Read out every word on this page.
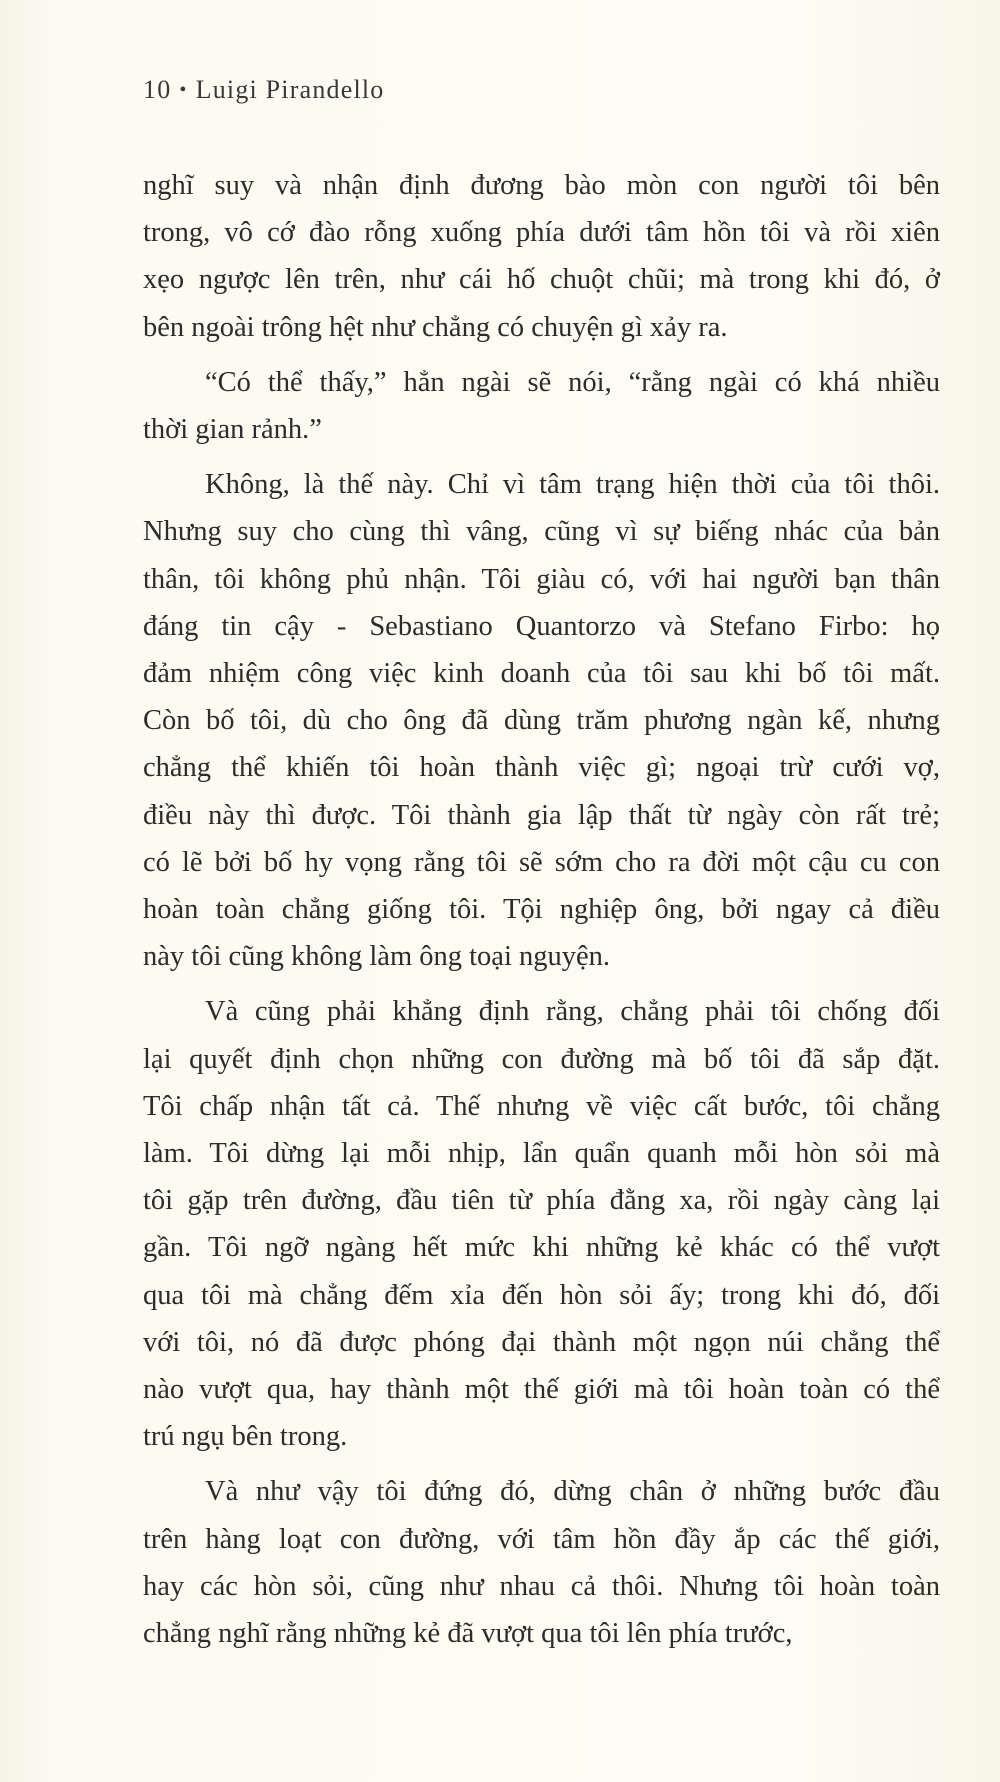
10 • Luigi Pirandello
nghĩ suy và nhận định đương bào mòn con người tôi bên
trong, vô cớ đào rỗng xuống phía dưới tâm hồn tôi và rồi xiên
xẹo ngược lên trên, như cái hố chuột chũi; mà trong khi đó, ở
bên ngoài trông hệt như chẳng có chuyện gì xảy ra.
“Có thể thấy,” hẳn ngài sẽ nói, “rằng ngài có khá nhiều
thời gian rảnh.”
Không, là thế này. Chỉ vì tâm trạng hiện thời của tôi thôi.
Nhưng suy cho cùng thì vâng, cũng vì sự biếng nhác của bản
thân, tôi không phủ nhận. Tôi giàu có, với hai người bạn thân
đáng tin cậy - Sebastiano Quantorzo và Stefano Firbo: họ
đảm nhiệm công việc kinh doanh của tôi sau khi bố tôi mất.
Còn bố tôi, dù cho ông đã dùng trăm phương ngàn kế, nhưng
chẳng thể khiến tôi hoàn thành việc gì; ngoại trừ cưới vợ,
điều này thì được. Tôi thành gia lập thất từ ngày còn rất trẻ;
có lẽ bởi bố hy vọng rằng tôi sẽ sớm cho ra đời một cậu cu con
hoàn toàn chẳng giống tôi. Tội nghiệp ông, bởi ngay cả điều
này tôi cũng không làm ông toại nguyện.
Và cũng phải khẳng định rằng, chẳng phải tôi chống đối
lại quyết định chọn những con đường mà bố tôi đã sắp đặt.
Tôi chấp nhận tất cả. Thế nhưng về việc cất bước, tôi chẳng
làm. Tôi dừng lại mỗi nhịp, lẩn quẩn quanh mỗi hòn sỏi mà
tôi gặp trên đường, đầu tiên từ phía đằng xa, rồi ngày càng lại
gần. Tôi ngỡ ngàng hết mức khi những kẻ khác có thể vượt
qua tôi mà chẳng đếm xỉa đến hòn sỏi ấy; trong khi đó, đối
với tôi, nó đã được phóng đại thành một ngọn núi chẳng thể
nào vượt qua, hay thành một thế giới mà tôi hoàn toàn có thể
trú ngụ bên trong.
Và như vậy tôi đứng đó, dừng chân ở những bước đầu
trên hàng loạt con đường, với tâm hồn đầy ắp các thế giới,
hay các hòn sỏi, cũng như nhau cả thôi. Nhưng tôi hoàn toàn
chẳng nghĩ rằng những kẻ đã vượt qua tôi lên phía trước,
